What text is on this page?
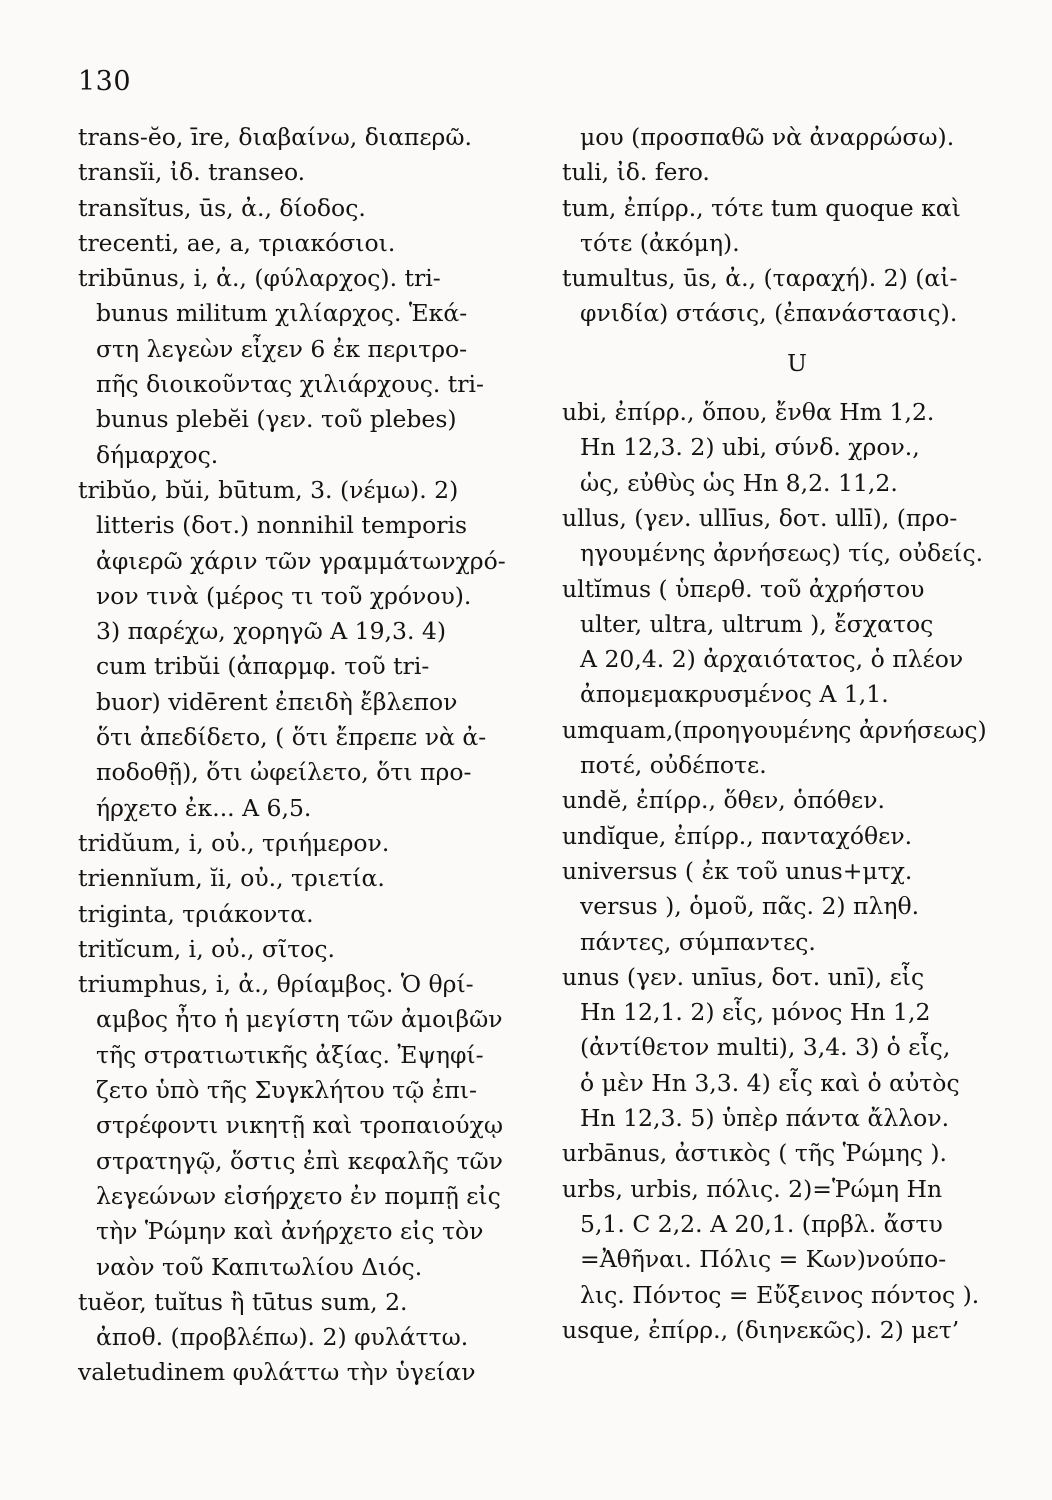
130
trans-ĕo, īre, διαβαίνω, διαπερῶ.
transĭi, ἰδ. transeo.
transĭtus, ūs, ἀ., δίοδος.
trecenti, ae, a, τριακόσιοι.
tribūnus, i, ἀ., (φύλαρχος). tri-
bunus militum χιλίαρχος. Ἑκά-
στη λεγεὼν εἶχεν 6 ἐκ περιτρο-
πῆς διοικοῦντας χιλιάρχους. tri-
bunus plebĕi (γεν. τοῦ plebes)
δήμαρχος.
tribŭo, bŭi, būtum, 3. (νέμω). 2)
litteris (δοτ.) nonnihil temporis
ἀφιερῶ χάριν τῶν γραμμάτωνχρό-
νον τινὰ (μέρος τι τοῦ χρόνου).
3) παρέχω, χορηγῶ A 19,3. 4)
cum tribŭi (ἀπαρμφ. τοῦ tri-
buor) vidērent ἐπειδὴ ἔβλεπον
ὅτι ἀπεδίδετο, ( ὅτι ἔπρεπε νὰ ἀ-
ποδοθῇ), ὅτι ὠφείλετο, ὅτι προ-
ήρχετο ἐκ... A 6,5.
tridŭum, i, οὐ., τριήμερον.
triennĭum, ĭi, οὐ., τριετία.
triginta, τριάκοντα.
tritĭcum, i, οὐ., σῖτος.
triumphus, i, ἀ., θρίαμβος. Ὁ θρί-
αμβος ἦτο ἡ μεγίστη τῶν ἀμοιβῶν
τῆς στρατιωτικῆς ἀξίας. Ἐψηφί-
ζετο ὑπὸ τῆς Συγκλήτου τῷ ἐπι-
στρέφοντι νικητῇ καὶ τροπαιούχῳ
στρατηγῷ, ὅστις ἐπὶ κεφαλῆς τῶν
λεγεώνων εἰσήρχετο ἐν πομπῇ εἰς
τὴν Ῥώμην καὶ ἀνήρχετο εἰς τὸν
ναὸν τοῦ Καπιτωλίου Διός.
tuĕor, tuĭtus ἢ tūtus sum, 2.
ἀποθ. (προβλέπω). 2) φυλάττω.
valetudinem φυλάττω τὴν ὑγείαν
μου (προσπαθῶ νὰ ἀναρρώσω).
tuli, ἰδ. fero.
tum, ἐπίρρ., τότε tum quoque καὶ
τότε (ἀκόμη).
tumultus, ūs, ἀ., (ταραχή). 2) (αἰ-
φνιδία) στάσις, (ἐπανάστασις).
U
ubi, ἐπίρρ., ὅπου, ἔνθα Hm 1,2.
Hn 12,3. 2) ubi, σύνδ. χρον.,
ὡς, εὐθὺς ὡς Hn 8,2. 11,2.
ullus, (γεν. ullīus, δοτ. ullī), (προ-
ηγουμένης ἀρνήσεως) τίς, οὐδείς.
ultĭmus ( ὑπερθ. τοῦ ἀχρήστου
ulter, ultra, ultrum ), ἔσχατος
A 20,4. 2) ἀρχαιότατος, ὁ πλέον
ἀπομεμακρυσμένος A 1,1.
umquam,(προηγουμένης ἀρνήσεως)
ποτέ, οὐδέποτε.
undĕ, ἐπίρρ., ὅθεν, ὁπόθεν.
undĭque, ἐπίρρ., πανταχόθεν.
universus ( ἐκ τοῦ unus+μτχ.
versus ), ὁμοῦ, πᾶς. 2) πληθ.
πάντες, σύμπαντες.
unus (γεν. unīus, δοτ. unī), εἷς
Hn 12,1. 2) εἷς, μόνος Hn 1,2
(ἀντίθετον multi), 3,4. 3) ὁ εἷς,
ὁ μὲν Hn 3,3. 4) εἷς καὶ ὁ αὐτὸς
Hn 12,3. 5) ὑπὲρ πάντα ἄλλον.
urbānus, ἀστικὸς ( τῆς Ῥώμης ).
urbs, urbis, πόλις. 2)=Ῥώμη Hn
5,1. C 2,2. A 20,1. (πρβλ. ἄστυ
=Ἀθῆναι. Πόλις = Κων)νούπο-
λις. Πόντος = Εὔξεινος πόντος ).
usque, ἐπίρρ., (διηνεκῶς). 2) μετ’
